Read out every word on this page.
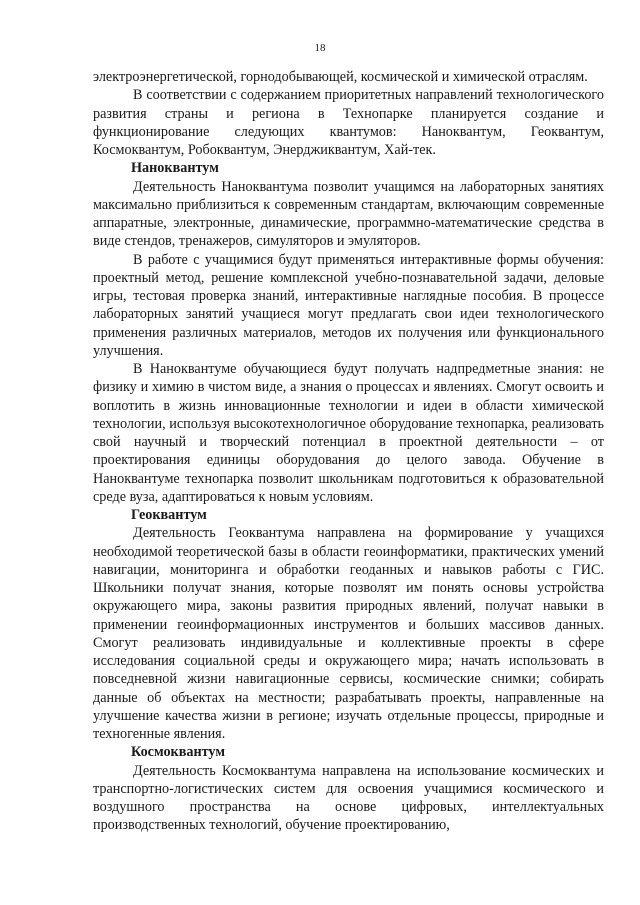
18

электроэнергетической, горнодобывающей, космической и химической отраслям.

В соответствии с содержанием приоритетных направлений технологического развития страны и региона в Технопарке планируется создание и функционирование следующих квантумов: Наноквантум, Геоквантум, Космоквантум, Робоквантум, Энерджиквантум, Хай-тек.

Наноквантум

Деятельность Наноквантума позволит учащимся на лабораторных занятиях максимально приблизиться к современным стандартам, включающим современные аппаратные, электронные, динамические, программно-математические средства в виде стендов, тренажеров, симуляторов и эмуляторов.

В работе с учащимися будут применяться интерактивные формы обучения: проектный метод, решение комплексной учебно-познавательной задачи, деловые игры, тестовая проверка знаний, интерактивные наглядные пособия. В процессе лабораторных занятий учащиеся могут предлагать свои идеи технологического применения различных материалов, методов их получения или функционального улучшения.

В Наноквантуме обучающиеся будут получать надпредметные знания: не физику и химию в чистом виде, а знания о процессах и явлениях. Смогут освоить и воплотить в жизнь инновационные технологии и идеи в области химической технологии, используя высокотехнологичное оборудование технопарка, реализовать свой научный и творческий потенциал в проектной деятельности – от проектирования единицы оборудования до целого завода. Обучение в Наноквантуме технопарка позволит школьникам подготовиться к образовательной среде вуза, адаптироваться к новым условиям.

Геоквантум

Деятельность Геоквантума направлена на формирование у учащихся необходимой теоретической базы в области геоинформатики, практических умений навигации, мониторинга и обработки геоданных и навыков работы с ГИС. Школьники получат знания, которые позволят им понять основы устройства окружающего мира, законы развития природных явлений, получат навыки в применении геоинформационных инструментов и больших массивов данных. Смогут реализовать индивидуальные и коллективные проекты в сфере исследования социальной среды и окружающего мира; начать использовать в повседневной жизни навигационные сервисы, космические снимки; собирать данные об объектах на местности; разрабатывать проекты, направленные на улучшение качества жизни в регионе; изучать отдельные процессы, природные и техногенные явления.

Космоквантум

Деятельность Космоквантума направлена на использование космических и транспортно-логистических систем для освоения учащимися космического и воздушного пространства на основе цифровых, интеллектуальных производственных технологий, обучение проектированию,
